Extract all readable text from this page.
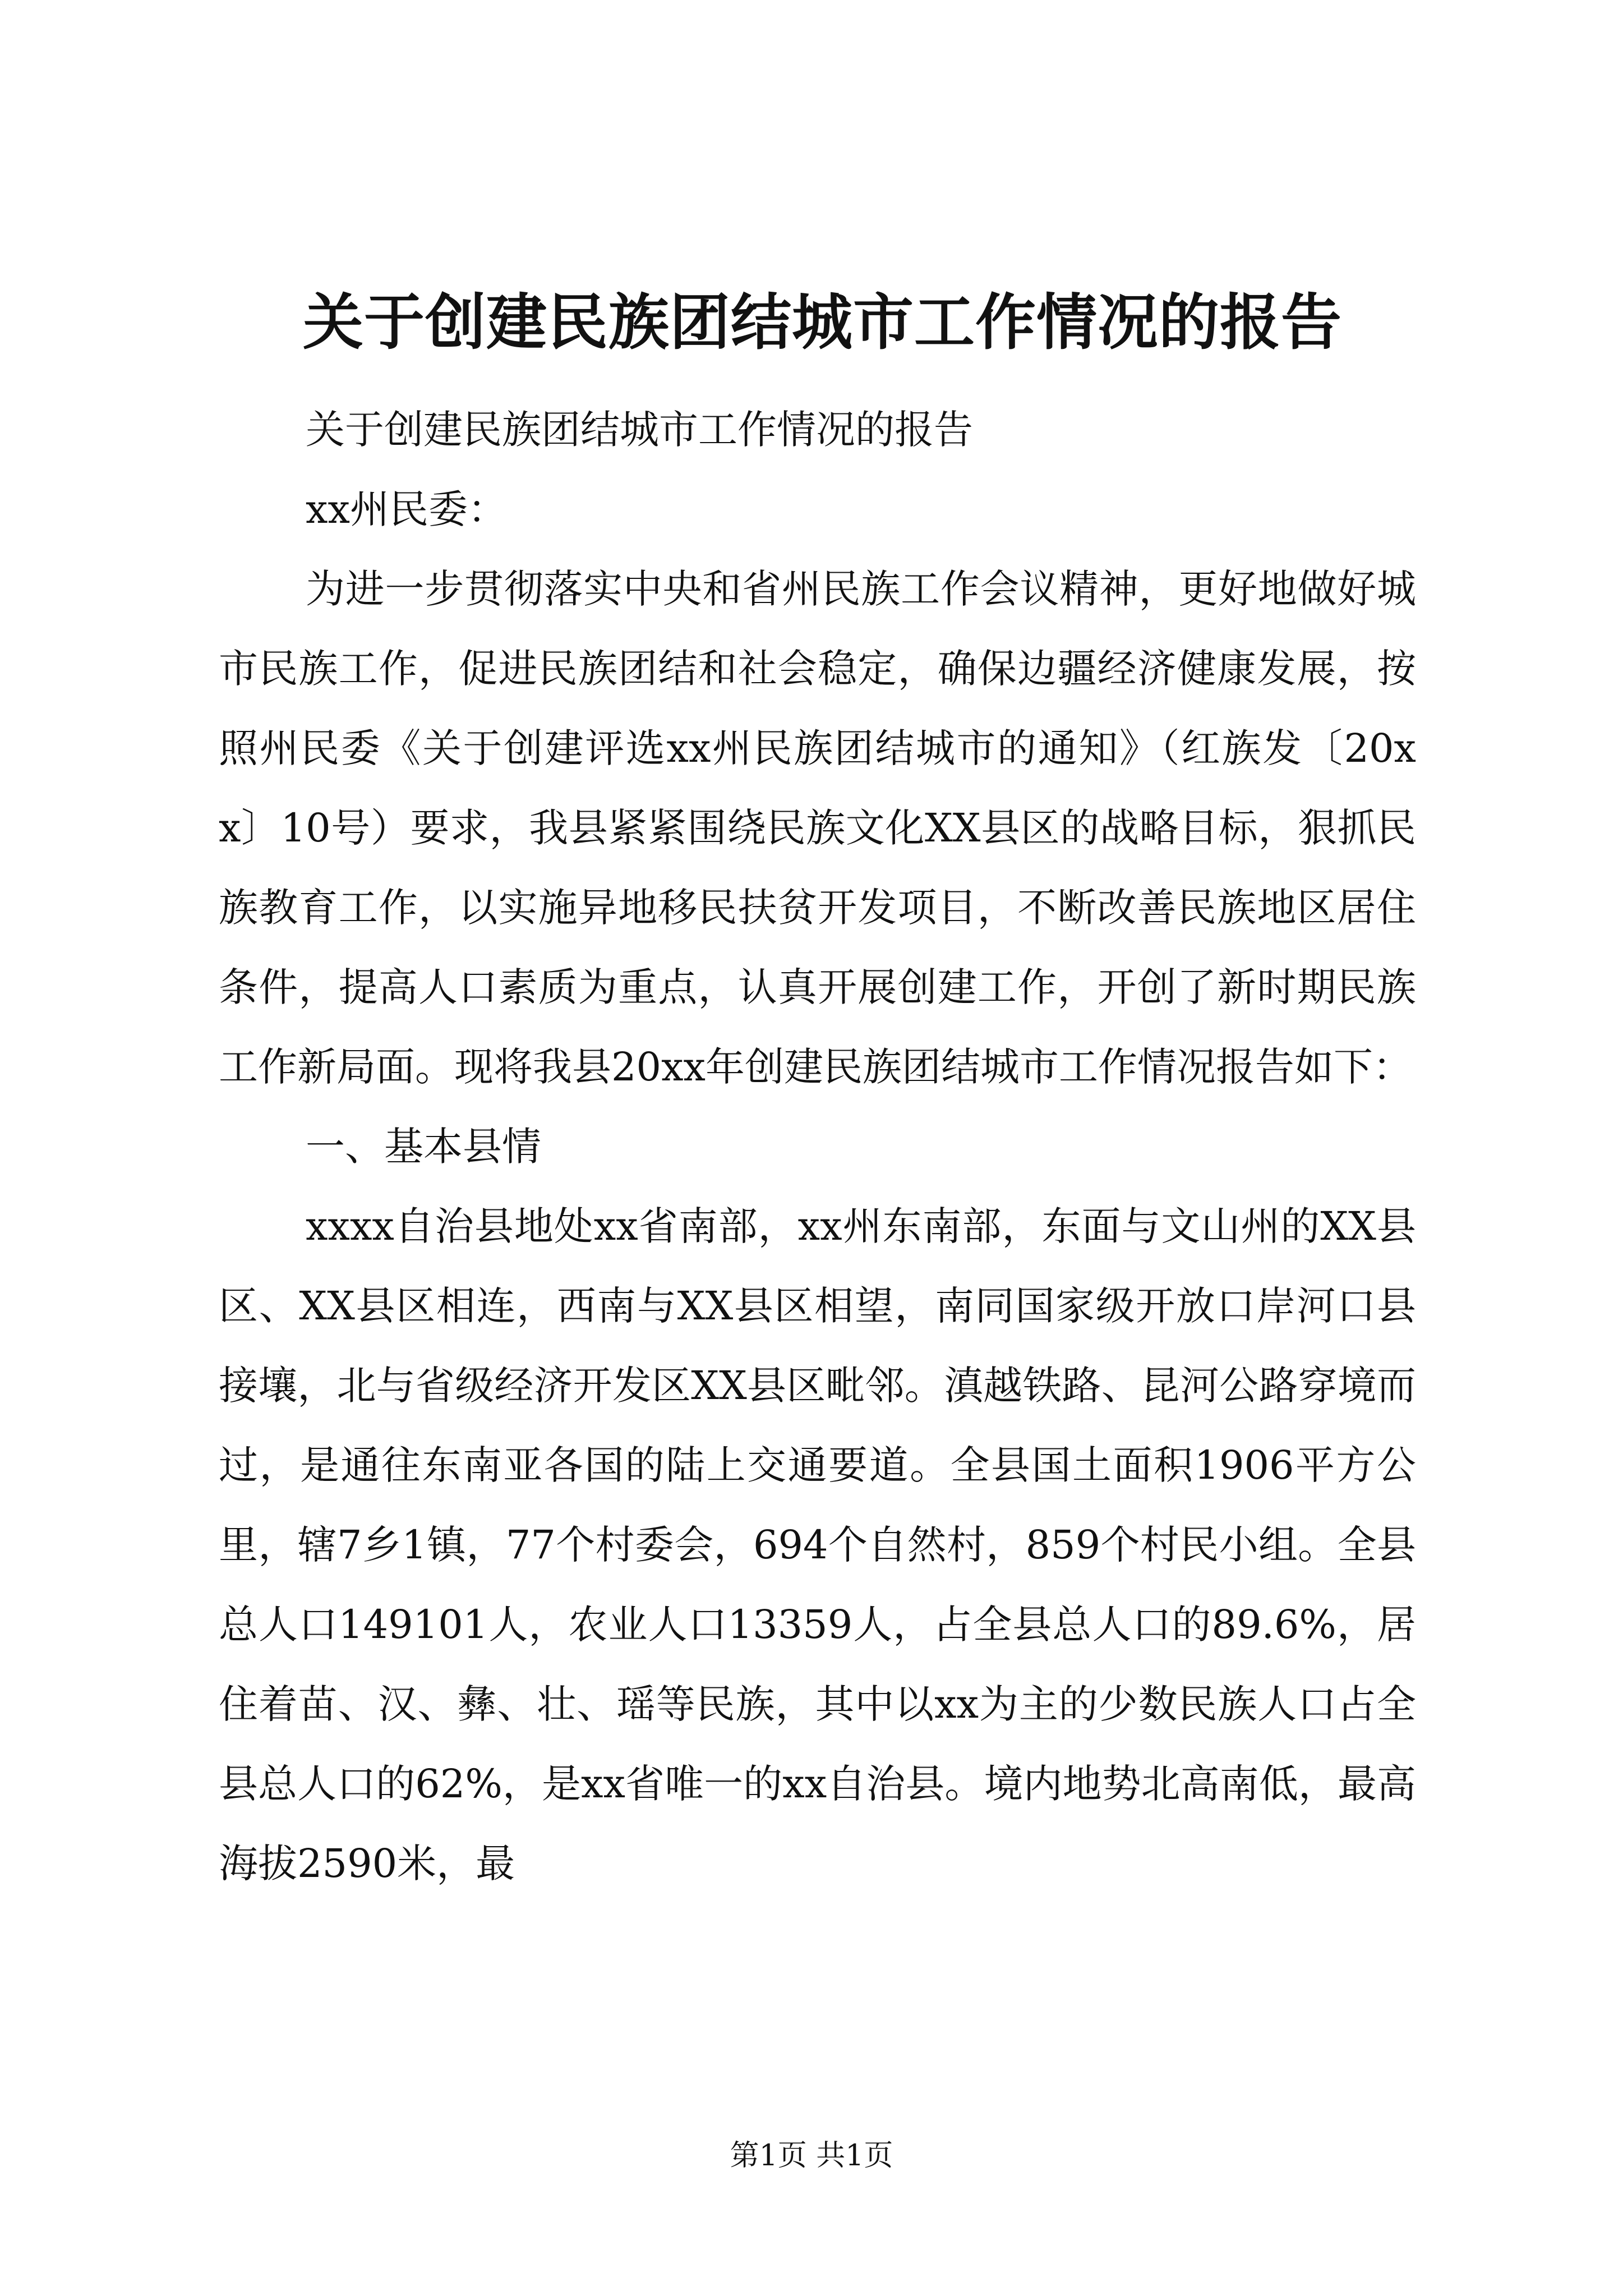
关于创建民族团结城市工作情况的报告

关于创建民族团结城市工作情况的报告

xx州民委：

为进一步贯彻落实中央和省州民族工作会议精神，更好地做好城市民族工作，促进民族团结和社会稳定，确保边疆经济健康发展，按照州民委《关于创建评选xx州民族团结城市的通知》（红族发〔20xx〕10号）要求，我县紧紧围绕民族文化XX县区的战略目标，狠抓民族教育工作，以实施异地移民扶贫开发项目，不断改善民族地区居住条件，提高人口素质为重点，认真开展创建工作，开创了新时期民族工作新局面。现将我县20xx年创建民族团结城市工作情况报告如下：

一、基本县情

xxxx自治县地处xx省南部，xx州东南部，东面与文山州的XX县区、XX县区相连，西南与XX县区相望，南同国家级开放口岸河口县接壤，北与省级经济开发区XX县区毗邻。滇越铁路、昆河公路穿境而过，是通往东南亚各国的陆上交通要道。全县国土面积1906平方公里，辖7乡1镇，77个村委会，694个自然村，859个村民小组。全县总人口149101人，农业人口13359人，占全县总人口的89.6%，居住着苗、汉、彝、壮、瑶等民族，其中以xx为主的少数民族人口占全县总人口的62%，是xx省唯一的xx自治县。境内地势北高南低，最高海拔2590米，最

第1页 共1页
